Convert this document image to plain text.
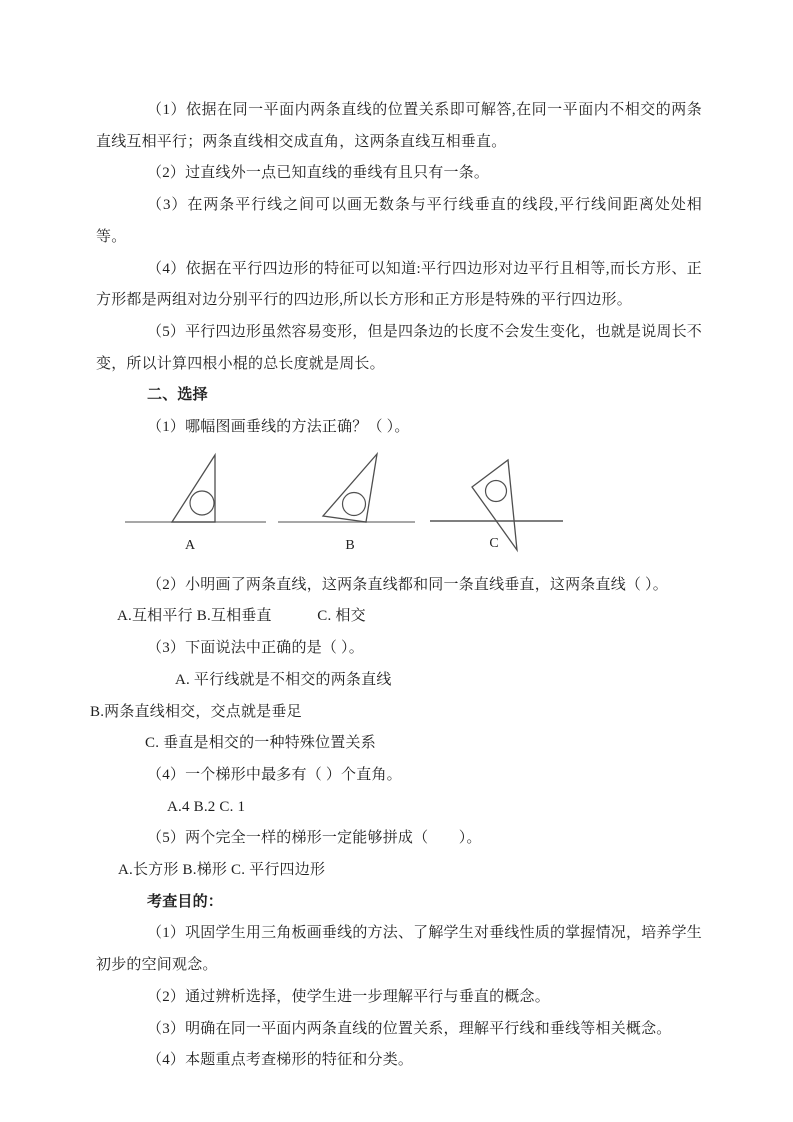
（1）依据在同一平面内两条直线的位置关系即可解答,在同一平面内不相交的两条直线互相平行；两条直线相交成直角，这两条直线互相垂直。

（2）过直线外一点已知直线的垂线有且只有一条。

（3）在两条平行线之间可以画无数条与平行线垂直的线段,平行线间距离处处相等。

（4）依据在平行四边形的特征可以知道:平行四边形对边平行且相等,而长方形、正方形都是两组对边分别平行的四边形,所以长方形和正方形是特殊的平行四边形。

（5）平行四边形虽然容易变形，但是四条边的长度不会发生变化，也就是说周长不变，所以计算四根小棍的总长度就是周长。

二、选择

（1）哪幅图画垂线的方法正确？（ ）。

A	B	C

（2）小明画了两条直线，这两条直线都和同一条直线垂直，这两条直线（ ）。

A.互相平行 B.互相垂直　　　C. 相交

（3）下面说法中正确的是（ ）。

A. 平行线就是不相交的两条直线

B.两条直线相交，交点就是垂足

C. 垂直是相交的一种特殊位置关系

（4）一个梯形中最多有（ ）个直角。

A.4 B.2 C. 1

（5）两个完全一样的梯形一定能够拼成（　　）。

A.长方形 B.梯形 C. 平行四边形

考查目的：

（1）巩固学生用三角板画垂线的方法、了解学生对垂线性质的掌握情况，培养学生初步的空间观念。

（2）通过辨析选择，使学生进一步理解平行与垂直的概念。

（3）明确在同一平面内两条直线的位置关系，理解平行线和垂线等相关概念。

（4）本题重点考查梯形的特征和分类。
